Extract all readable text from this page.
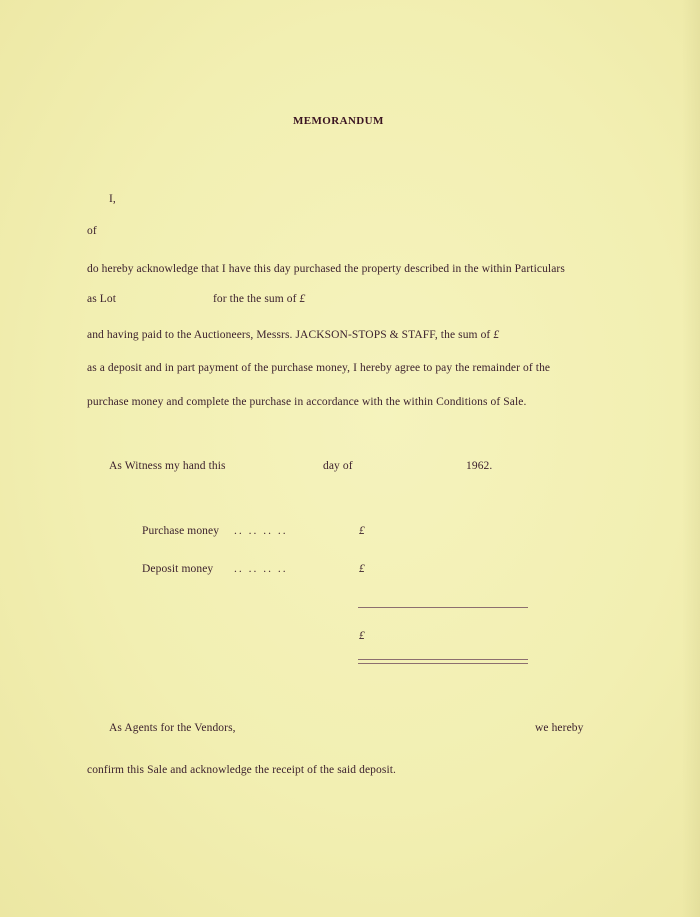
MEMORANDUM
I,
of
do hereby acknowledge that I have this day purchased the property described in the within Particulars
as Lot	for the the sum of £
and having paid to the Auctioneers, Messrs. JACKSON-STOPS & STAFF, the sum of £
as a deposit and in part payment of the purchase money, I hereby agree to pay the remainder of the
purchase money and complete the purchase in accordance with the within Conditions of Sale.
As Witness my hand this	day of	1962.
Purchase money .. .. .. ..	£
Deposit money .. .. .. ..	£
£
As Agents for the Vendors,	we hereby
confirm this Sale and acknowledge the receipt of the said deposit.
